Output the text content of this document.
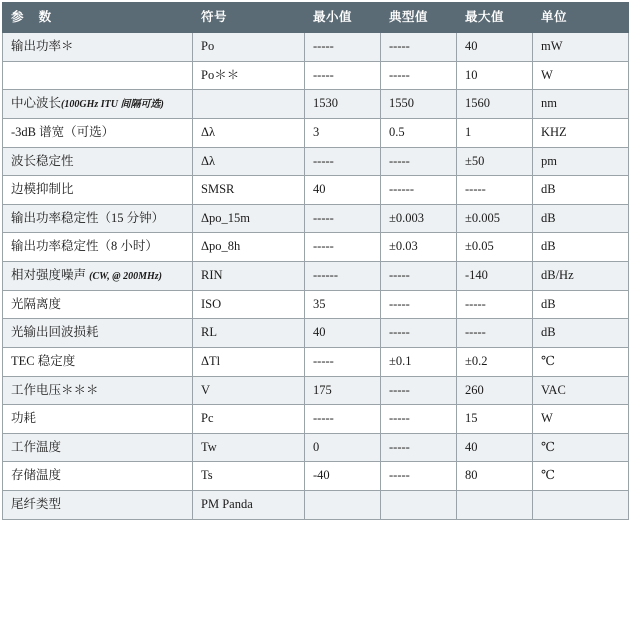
参 数	符号	最小值	典型值	最大值	单位
输出功率＊	Po	-----	-----	40	mW
	Po＊＊	-----	-----	10	W
中心波长(100GHz ITU 间隔可选)		1530	1550	1560	nm
-3dB 谱宽（可选）	Δλ	3	0.5	1	KHZ
波长稳定性	Δλ	-----	-----	±50	pm
边模抑制比	SMSR	40	------	-----	dB
输出功率稳定性（15 分钟）	Δpo_15m	-----	±0.003	±0.005	dB
输出功率稳定性（8 小时）	Δpo_8h	-----	±0.03	±0.05	dB
相对强度噪声 (CW, @ 200MHz)	RIN	------	-----	-140	dB/Hz
光隔离度	ISO	35	-----	-----	dB
光输出回波损耗	RL	40	-----	-----	dB
TEC 稳定度	ΔTl	-----	±0.1	±0.2	℃
工作电压＊＊＊	V	175	-----	260	VAC
功耗	Pc	-----	-----	15	W
工作温度	Tw	0	-----	40	℃
存储温度	Ts	-40	-----	80	℃
尾纤类型	PM Panda				
